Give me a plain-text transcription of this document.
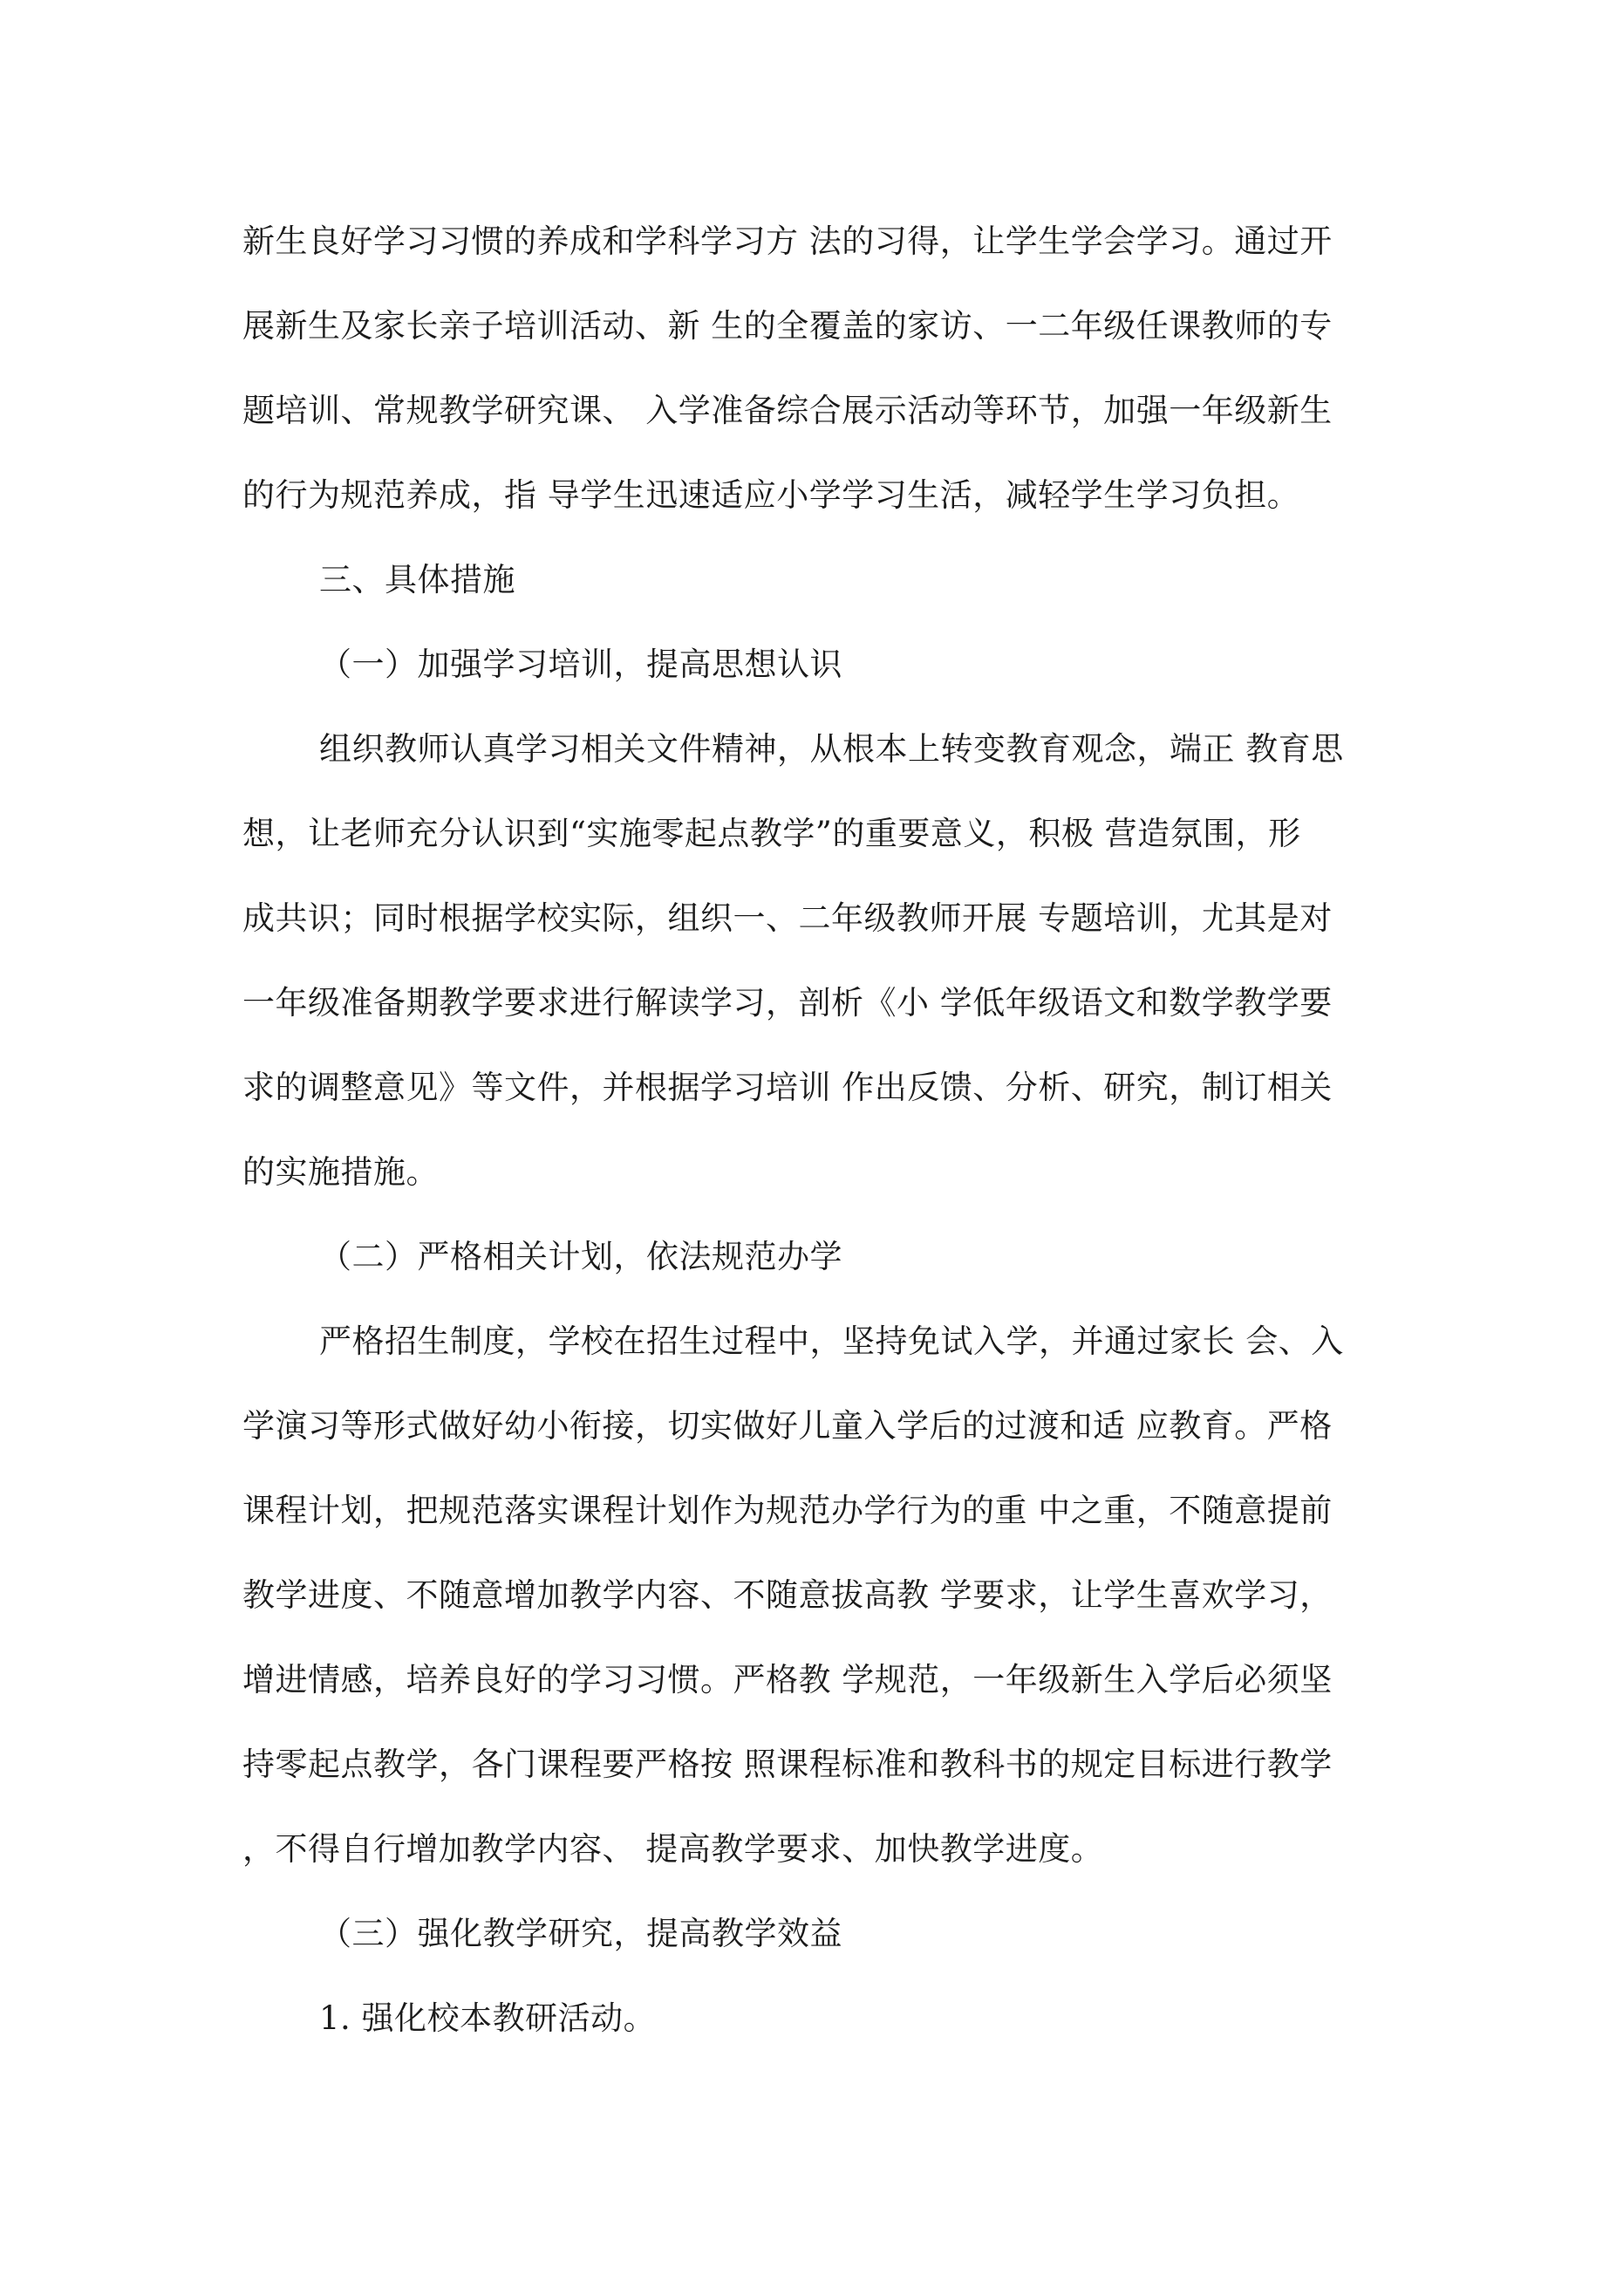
新生良好学习习惯的养成和学科学习方 法的习得，让学生学会学习。通过开
展新生及家长亲子培训活动、新 生的全覆盖的家访、一二年级任课教师的专
题培训、常规教学研究课、 入学准备综合展示活动等环节，加强一年级新生
的行为规范养成，指 导学生迅速适应小学学习生活，减轻学生学习负担。
三、具体措施
（一）加强学习培训，提高思想认识
组织教师认真学习相关文件精神，从根本上转变教育观念，端正 教育思
想，让老师充分认识到“实施零起点教学”的重要意义，积极 营造氛围，形
成共识；同时根据学校实际，组织一、二年级教师开展 专题培训，尤其是对
一年级准备期教学要求进行解读学习，剖析《小 学低年级语文和数学教学要
求的调整意见》等文件，并根据学习培训 作出反馈、分析、研究，制订相关
的实施措施。
（二）严格相关计划，依法规范办学
严格招生制度，学校在招生过程中，坚持免试入学，并通过家长 会、入
学演习等形式做好幼小衔接，切实做好儿童入学后的过渡和适 应教育。严格
课程计划，把规范落实课程计划作为规范办学行为的重 中之重，不随意提前
教学进度、不随意增加教学内容、不随意拔高教 学要求，让学生喜欢学习，
增进情感，培养良好的学习习惯。严格教 学规范，一年级新生入学后必须坚
持零起点教学，各门课程要严格按 照课程标准和教科书的规定目标进行教学
，不得自行增加教学内容、 提高教学要求、加快教学进度。
（三）强化教学研究，提高教学效益
1. 强化校本教研活动。
